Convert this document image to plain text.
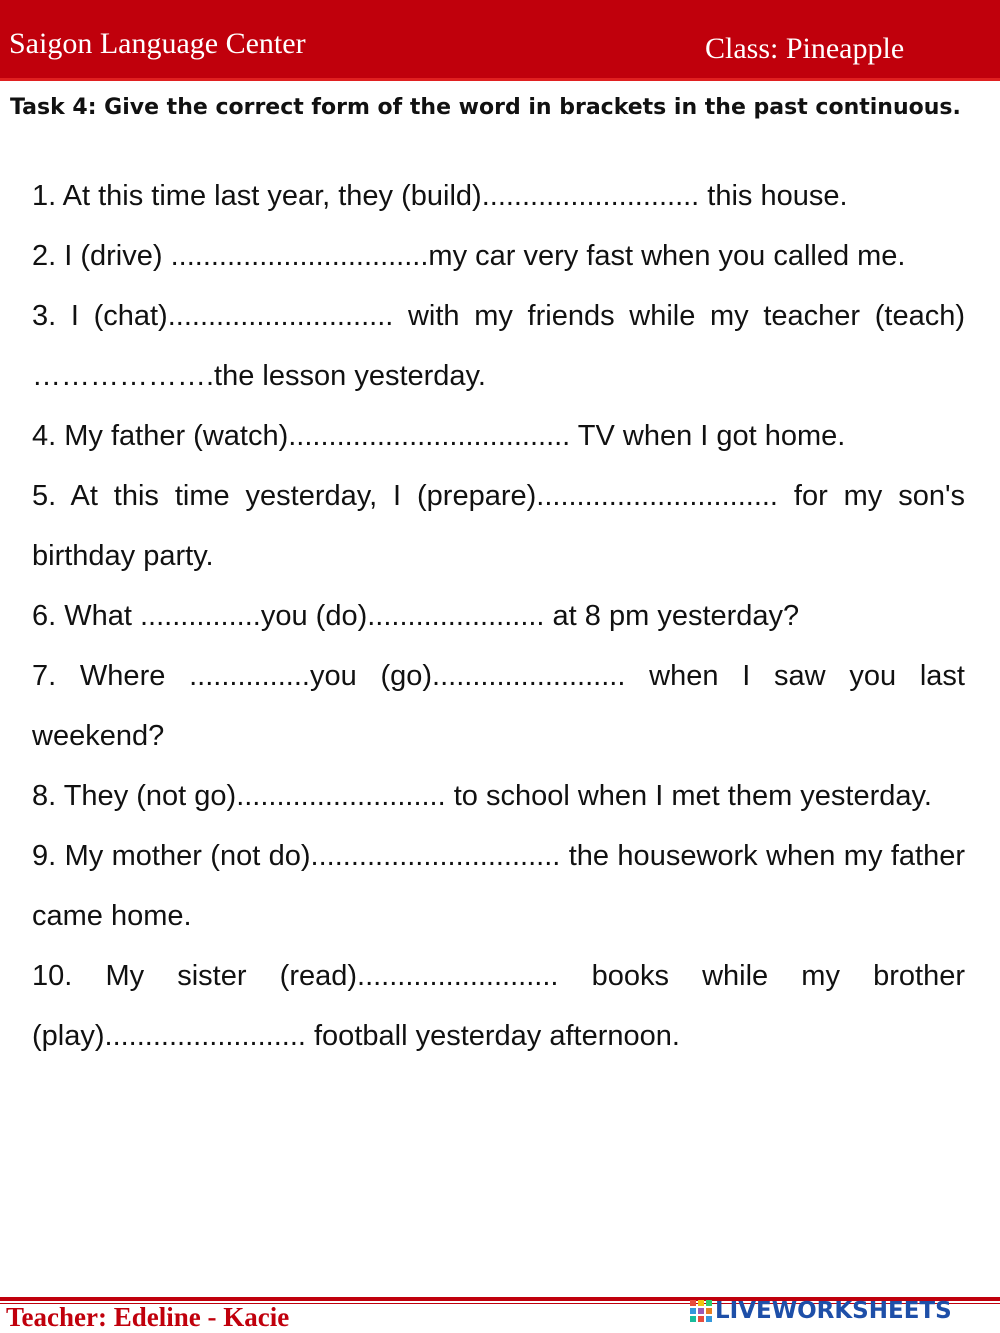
Saigon Language Center	Class: Pineapple
Task 4: Give the correct form of the word in brackets in the past continuous.

1. At this time last year, they (build)........................... this house.

2. I (drive) ................................my car very fast when you called me.

3. I (chat)............................ with my friends while my teacher (teach) ……………….the lesson yesterday.

4. My father (watch)................................... TV when I got home.

5. At this time yesterday, I (prepare).............................. for my son's birthday party.

6. What ...............you (do)...................... at 8 pm yesterday?

7. Where ...............you (go)........................ when I saw you last weekend?

8. They (not go).......................... to school when I met them yesterday.

9. My mother (not do)............................... the housework when my father came home.

10. My sister (read)......................... books while my brother (play)......................... football yesterday afternoon.

Teacher: Edeline - Kacie	LIVEWORKSHEETS
